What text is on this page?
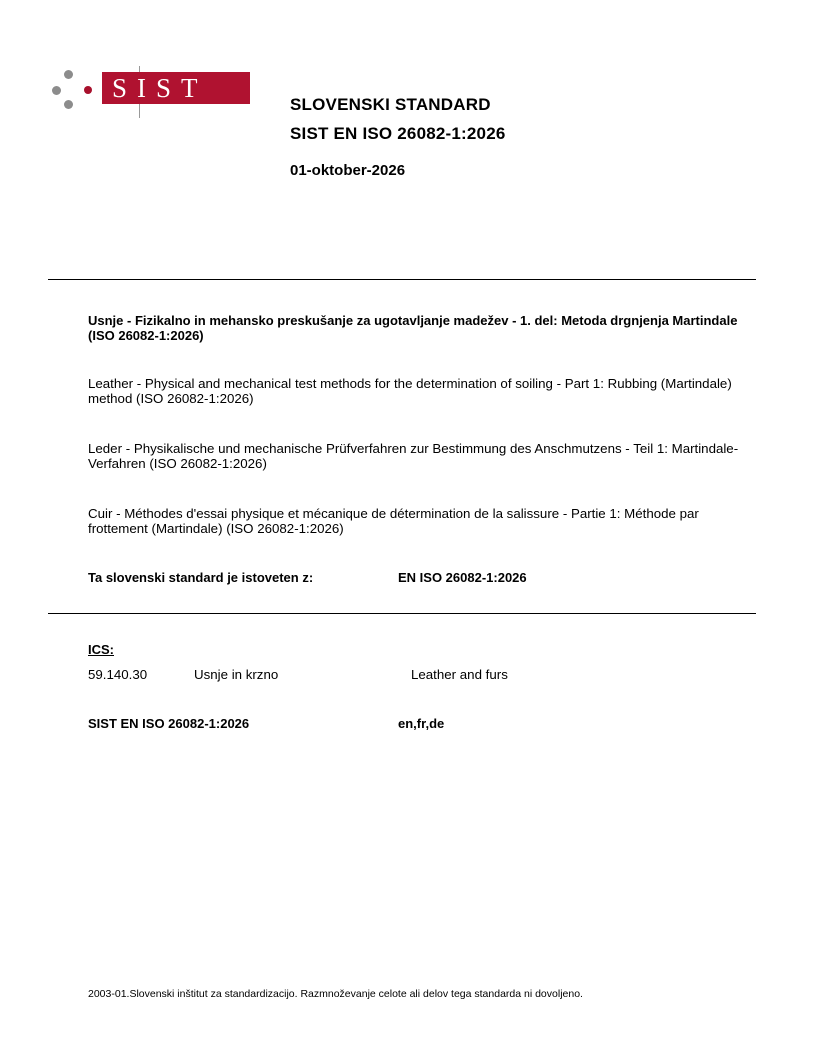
SIST
SLOVENSKI STANDARD
SIST EN ISO 26082-1:2026
01-oktober-2026
Usnje - Fizikalno in mehansko preskušanje za ugotavljanje madežev - 1. del: Metoda drgnjenja Martindale (ISO 26082-1:2026)
Leather - Physical and mechanical test methods for the determination of soiling - Part 1: Rubbing (Martindale) method (ISO 26082-1:2026)
Leder - Physikalische und mechanische Prüfverfahren zur Bestimmung des Anschmutzens - Teil 1: Martindale-Verfahren (ISO 26082-1:2026)
Cuir - Méthodes d'essai physique et mécanique de détermination de la salissure - Partie 1: Méthode par frottement (Martindale) (ISO 26082-1:2026)
Ta slovenski standard je istoveten z:	EN ISO 26082-1:2026
ICS:
59.140.30	Usnje in krzno	Leather and furs
SIST EN ISO 26082-1:2026	en,fr,de
2003-01.Slovenski inštitut za standardizacijo. Razmnoževanje celote ali delov tega standarda ni dovoljeno.
